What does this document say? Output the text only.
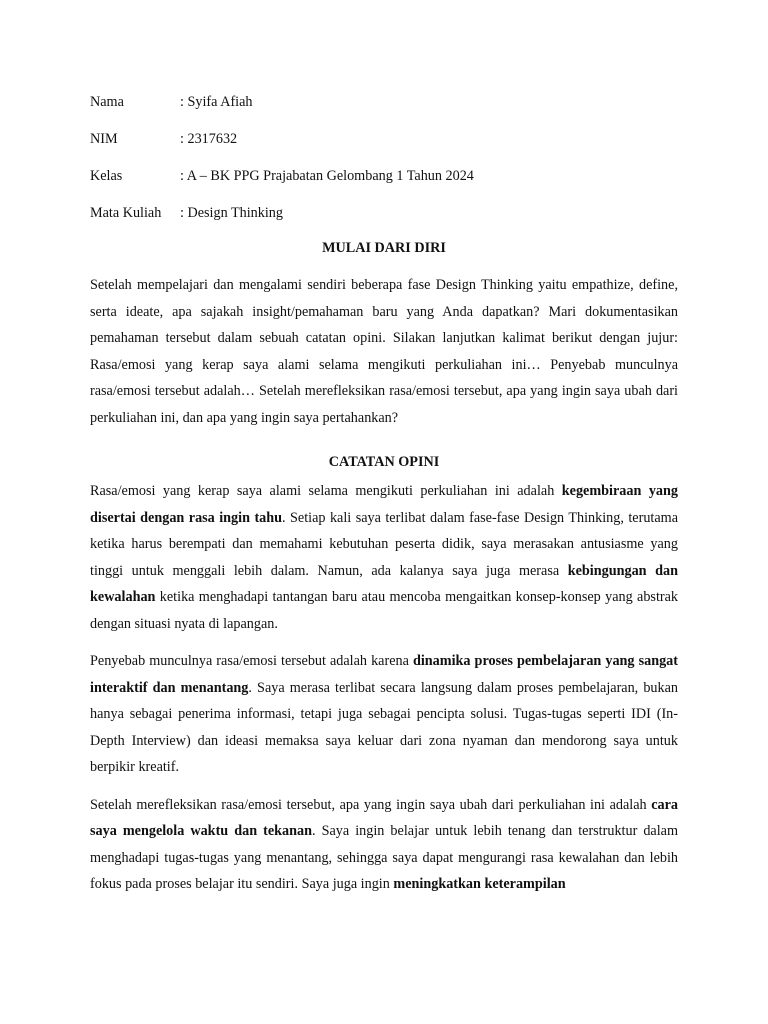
Nama	: Syifa Afiah
NIM	: 2317632
Kelas	: A – BK PPG Prajabatan Gelombang 1 Tahun 2024
Mata Kuliah	: Design Thinking
MULAI DARI DIRI

Setelah mempelajari dan mengalami sendiri beberapa fase Design Thinking yaitu empathize, define, serta ideate, apa sajakah insight/pemahaman baru yang Anda dapatkan? Mari dokumentasikan pemahaman tersebut dalam sebuah catatan opini. Silakan lanjutkan kalimat berikut dengan jujur: Rasa/emosi yang kerap saya alami selama mengikuti perkuliahan ini… Penyebab munculnya rasa/emosi tersebut adalah… Setelah merefleksikan rasa/emosi tersebut, apa yang ingin saya ubah dari perkuliahan ini, dan apa yang ingin saya pertahankan?

CATATAN OPINI

Rasa/emosi yang kerap saya alami selama mengikuti perkuliahan ini adalah kegembiraan yang disertai dengan rasa ingin tahu. Setiap kali saya terlibat dalam fase-fase Design Thinking, terutama ketika harus berempati dan memahami kebutuhan peserta didik, saya merasakan antusiasme yang tinggi untuk menggali lebih dalam. Namun, ada kalanya saya juga merasa kebingungan dan kewalahan ketika menghadapi tantangan baru atau mencoba mengaitkan konsep-konsep yang abstrak dengan situasi nyata di lapangan.

Penyebab munculnya rasa/emosi tersebut adalah karena dinamika proses pembelajaran yang sangat interaktif dan menantang. Saya merasa terlibat secara langsung dalam proses pembelajaran, bukan hanya sebagai penerima informasi, tetapi juga sebagai pencipta solusi. Tugas-tugas seperti IDI (In-Depth Interview) dan ideasi memaksa saya keluar dari zona nyaman dan mendorong saya untuk berpikir kreatif.

Setelah merefleksikan rasa/emosi tersebut, apa yang ingin saya ubah dari perkuliahan ini adalah cara saya mengelola waktu dan tekanan. Saya ingin belajar untuk lebih tenang dan terstruktur dalam menghadapi tugas-tugas yang menantang, sehingga saya dapat mengurangi rasa kewalahan dan lebih fokus pada proses belajar itu sendiri. Saya juga ingin meningkatkan keterampilan
